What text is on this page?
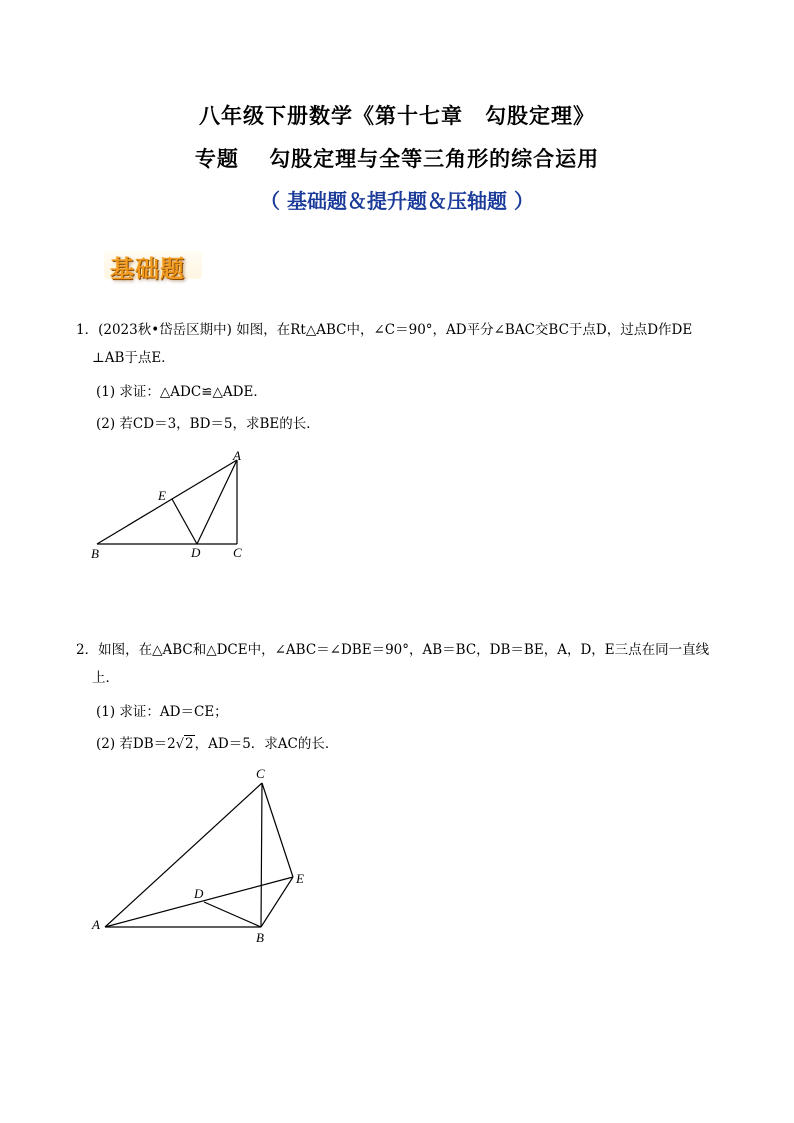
八年级下册数学《第十七章　勾股定理》
专题　 勾股定理与全等三角形的综合运用
（ 基础题＆提升题＆压轴题 ）
基础题
1．(2023秋•岱岳区期中) 如图，在Rt△ABC中，∠C＝90°，AD平分∠BAC交BC于点D，过点D作DE
⊥AB于点E．
(1) 求证：△ADC≌△ADE．
(2) 若CD＝3，BD＝5，求BE的长．
A
E
B	D	C
2．如图，在△ABC和△DCE中，∠ABC＝∠DBE＝90°，AB＝BC，DB＝BE，A，D，E三点在同一直线
上．
(1) 求证：AD＝CE；
(2) 若DB＝2√2，AD＝5．求AC的长．
C
E
D
A
B
